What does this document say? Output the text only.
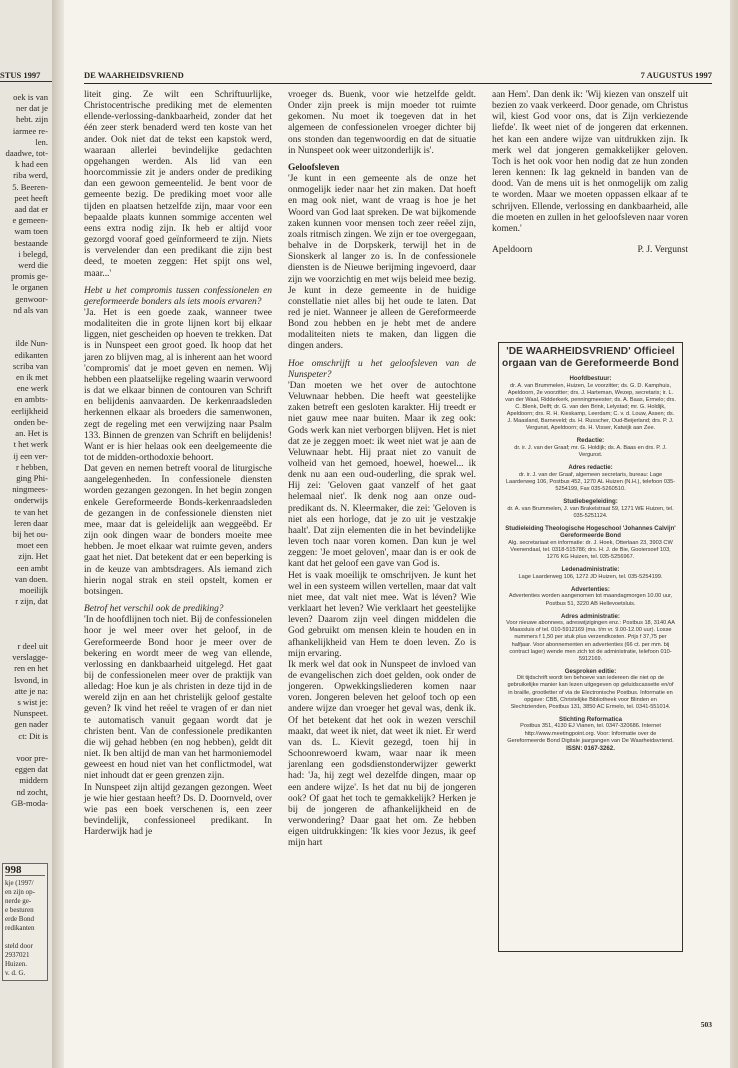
STUS 1997
oek is van
ner dat je
hebt. zijn
iarmee re-
len.
daadwe, tot-
k had een
riba werd,
5. Beeren-
peet heeft
aad dat er
e gemeen-
wam toen
bestaande
i belegd,
werd die
promis ge-
le organen
genwoor-
nd als van

ilde Nun-
edikanten
scriba van
en ik met
ene werk
en ambts-
eerlijkheid
onden be-
an. Het is
t het werk
ij een ver-
r hebben,
ging Phi-
ningmees-
onderwijs
te van het
leren daar
bij het ou-
moet een
zijn. Het
een ambt
van doen.
moeilijk
r zijn, dat

r deel uit
verslagge-
ren en het
lsvond, in
atte je na:
s wist je:
Nunspeet.
gen nader
ct: Dit is

voor pre-
eggen dat
middern
nd zocht,
GB-moda-
998
kje (1997/
en zijn op-
nerde ge-
e besturen
erde Bond
redikanten

steld door
2937021
Huizen.
v. d. G.
DE WAARHEIDSVRIEND	7 AUGUSTUS 1997

liteit ging. Ze wilt een Schriftuurlijke, Christocentrische prediking met de elementen ellende-verlossing-dankbaarheid, zonder dat het één zeer sterk benaderd werd ten koste van het ander. Ook niet dat de tekst een kapstok werd, waaraan allerlei bevindelijke gedachten opgehangen werden. Als lid van een hoorcommissie zit je anders onder de prediking dan een gewoon gemeentelid. Je bent voor de gemeente bezig. De prediking moet voor alle tijden en plaatsen hetzelfde zijn, maar voor een bepaalde plaats kunnen sommige accenten wel eens extra nodig zijn. Ik heb er altijd voor gezorgd vooraf goed geïnformeerd te zijn. Niets is vervelender dan een predikant die zijn best deed, te moeten zeggen: Het spijt ons wel, maar...'

Hebt u het compromis tussen confessionelen en gereformeerde bonders als iets moois ervaren?

'Ja. Het is een goede zaak, wanneer twee modaliteiten die in grote lijnen kort bij elkaar liggen, niet gescheiden op hoeven te trekken. Dat is in Nunspeet een groot goed. Ik hoop dat het jaren zo blijven mag, al is inherent aan het woord 'compromis' dat je moet geven en nemen. Wij hebben een plaatselijke regeling waarin verwoord is dat we elkaar binnen de contouren van Schrift en belijdenis aanvaarden. De kerkenraadsleden herkennen elkaar als broeders die samenwonen, zegt de regeling met een verwijzing naar Psalm 133. Binnen de grenzen van Schrift en belijdenis! Want er is hier helaas ook een deelgemeente die tot de midden-orthodoxie behoort.

Dat geven en nemen betreft vooral de liturgische aangelegenheden. In confessionele diensten worden gezangen gezongen. In het begin zongen enkele Gereformeerde Bonds-kerkenraadsleden de gezangen in de confessionele diensten niet mee, maar dat is geleidelijk aan weggeëbd. Er zijn ook dingen waar de bonders moeite mee hebben. Je moet elkaar wat ruimte geven, anders gaat het niet. Dat betekent dat er een beperking is in de keuze van ambtsdragers. Als iemand zich hierin nogal strak en steil opstelt, komen er botsingen.

Betrof het verschil ook de prediking?

'In de hoofdlijnen toch niet. Bij de confessionelen hoor je wel meer over het geloof, in de Gereformeerde Bond hoor je meer over de bekering en wordt meer de weg van ellende, verlossing en dankbaarheid uitgelegd. Het gaat bij de confessionelen meer over de praktijk van alledag: Hoe kun je als christen in deze tijd in de wereld zijn en aan het christelijk geloof gestalte geven? Ik vind het reëel te vragen of er dan niet te automatisch vanuit gegaan wordt dat je christen bent. Van de confessionele predikanten die wij gehad hebben (en nog hebben), geldt dit niet. Ik ben altijd de man van het harmoniemodel geweest en houd niet van het conflictmodel, wat niet inhoudt dat er geen grenzen zijn.

In Nunspeet zijn altijd gezangen gezongen. Weet je wie hier gestaan heeft? Ds. D. Doornveld, over wie pas een boek verschenen is, een zeer bevindelijk, confessioneel predikant. In Harderwijk had je

vroeger ds. Buenk, voor wie hetzelfde geldt. Onder zijn preek is mijn moeder tot ruimte gekomen. Nu moet ik toegeven dat in het algemeen de confessionelen vroeger dichter bij ons stonden dan tegenwoordig en dat de situatie in Nunspeet ook weer uitzonderlijk is'.

Geloofsleven

'Je kunt in een gemeente als de onze het onmogelijk ieder naar het zin maken. Dat hoeft en mag ook niet, want de vraag is hoe je het Woord van God laat spreken. De wat bijkomende zaken kunnen voor mensen toch zeer reëel zijn, zoals ritmisch zingen. We zijn er toe overgegaan, behalve in de Dorpskerk, terwijl het in de Sionskerk al langer zo is. In de confessionele diensten is de Nieuwe berijming ingevoerd, daar zijn we voorzichtig en met wijs beleid mee bezig. Je kunt in deze gemeente in de huidige constellatie niet alles bij het oude te laten. Dat red je niet. Wanneer je alleen de Gereformeerde Bond zou hebben en je hebt met de andere modaliteiten niets te maken, dan liggen die dingen anders.

Hoe omschrijft u het geloofsleven van de Nunspeter?

'Dan moeten we het over de autochtone Veluwnaar hebben. Die heeft wat geestelijke zaken betreft een gesloten karakter. Hij treedt er niet gauw mee naar buiten. Maar ik zeg ook: Gods werk kan niet verborgen blijven. Het is niet dat ze je zeggen moet: ik weet niet wat je aan de Veluwnaar hebt. Hij praat niet zo vanuit de volheid van het gemoed, hoewel, hoewel... ik denk nu aan een oud-ouderling, die sprak wel. Hij zei: 'Geloven gaat vanzelf of het gaat helemaal niet'. Ik denk nog aan onze oud-predikant ds. N. Kleermaker, die zei: 'Geloven is niet als een horloge, dat je zo uit je vestzakje haalt'. Dat zijn elementen die in het bevindelijke leven toch naar voren komen. Dan kun je wel zeggen: 'Je moet geloven', maar dan is er ook de kant dat het geloof een gave van God is.

Het is vaak moeilijk te omschrijven. Je kunt het wel in een systeem willen vertellen, maar dat valt niet mee, dat valt niet mee. Wat is léven? Wie verklaart het leven? Wie verklaart het geestelijke leven? Daarom zijn veel dingen middelen die God gebruikt om mensen klein te houden en in afhankelijkheid van Hem te doen leven. Zo is mijn ervaring.

Ik merk wel dat ook in Nunspeet de invloed van de evangelischen zich doet gelden, ook onder de jongeren. Opwekkingsliederen komen naar voren. Jongeren beleven het geloof toch op een andere wijze dan vroeger het geval was, denk ik. Of het betekent dat het ook in wezen verschil maakt, dat weet ik niet, dat weet ik niet. Er werd van ds. L. Kievit gezegd, toen hij in Schoonrewoerd kwam, waar naar ik meen jarenlang een godsdienstonderwijzer gewerkt had: 'Ja, hij zegt wel dezelfde dingen, maar op een andere wijze'. Is het dat nu bij de jongeren ook? Of gaat het toch te gemakkelijk? Herken je bij de jongeren de afhankelijkheid en de verwondering? Daar gaat het om. Ze hebben eigen uitdrukkingen: 'Ik kies voor Jezus, ik geef mijn hart

aan Hem'. Dan denk ik: 'Wij kiezen van onszelf uit bezien zo vaak verkeerd. Door genade, om Christus wil, kiest God voor ons, dat is Zijn verkiezende liefde'. Ik weet niet of de jongeren dat erkennen. het kan een andere wijze van uitdrukken zijn. Ik merk wel dat jongeren gemakkelijker geloven. Toch is het ook voor hen nodig dat ze hun zonden leren kennen: Ik lag gekneld in banden van de dood. Van de mens uit is het onmogelijk om zalig te worden. Maar we moeten oppassen elkaar af te schrijven. Ellende, verlossing en dankbaarheid, alle die moeten en zullen in het geloofsleven naar voren komen.'

Apeldoorn	P. J. Vergunst
'DE WAARHEIDSVRIEND' Officieel orgaan van de Gereformeerde Bond
Hoofdbestuur:
dr. A. van Brummelen, Huizen, 1e voorzitter; ds. G. D. Kamphuis, Apeldoorn, 2e voorzitter; drs. J. Harteman, Wezep, secretaris; ir. L. van der Waal, Ridderkerk, penningmeester; ds. A. Baas, Ermelo; drs. C. Blenk, Delft; dr. G. van den Brink, Lelystad; mr. G. Holdijk, Apeldoorn; drs. R. H. Kieskamp, Leerdam; C. v. d. Louw, Assen; ds. J. Maasland, Barneveld; ds. H. Russcher, Oud-Beijerland; drs. P. J. Vergunst, Apeldoorn; ds. H. Visser, Katwijk aan Zee.
Redactie:
dr. ir. J. van der Graaf; mr. G. Holdijk; ds. A. Baas en drs. P. J. Vergunst.
Adres redactie:
dr. ir. J. van der Graaf, algemeen secretaris, bureau: Lage Laarderweg 106, Postbus 452, 1270 AL Huizen (N.H.), telefoon 035-5254199, Fax 035-5260510.
Studiebegeleiding:
dr. A. van Brummelen, J. van Brakelstraat 59, 1271 WE Huizen, tel. 035-5251124.
Studieleiding Theologische Hogeschool 'Johannes Calvijn' Gereformeerde Bond
Alg. secretariaat en informatie: dr. J. Hoek, Otterlaan 23, 3903 CW Veenendaal, tel. 0318-515786; drs. H. J. de Bie, Gooiersoef 103, 1276 KG Huizen, tel. 035-5256967.
Ledenadministratie:
Lage Laarderweg 106, 1272 JD Huizen, tel. 035-5254199.
Advertenties:
Advertenties worden aangenomen tot maandagmorgen 10.00 uur, Postbus 51, 3220 AB Hellevoetsluis.
Adres administratie:
Voor nieuwe abonnees, adreswijzigingen enz.: Postbus 18, 3140 AA Maassluis of tel. 010-5912169 (ma. t/m vr. 9.00-12.00 uur). Losse nummers f 1,50 per stuk plus verzendkosten. Prijs f 37,75 per halfjaar. Voor abonnementen en advertenties (66 ct. per mm. bij contract lager) wende men zich tot de administratie, telefoon 010-5912169.
Gesproken editie:
Dit tijdschrift wordt ten behoeve van iedereen die niet op de gebruikelijke manier kan lezen uitgegeven op geluidscassette en/of in braille, grootletter of via de Electronische Postbus. Informatie en opgave: CBB, Christelijke Bibliotheek voor Blinden en Slechtzienden, Postbus 131, 3850 AC Ermelo, tel. 0341-551014.
Stichting Reformatica
Postbus 351, 4130 EJ Vianen, tel. 0347-320686. Internet http://www.meetingpoint.org. Voor: Informatie over de Gereformeerde Bond Digitale jaargangen van De Waarheidsvriend.
ISSN: 0167-3262.
503
